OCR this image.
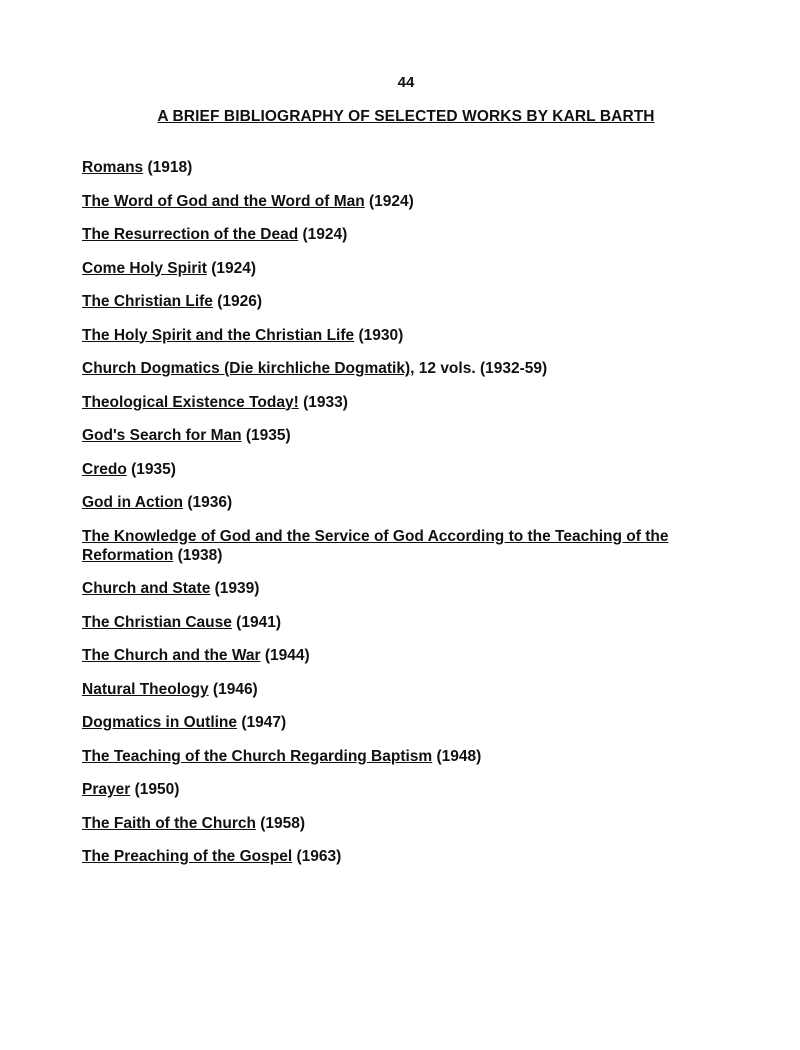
44
A BRIEF BIBLIOGRAPHY OF SELECTED WORKS BY KARL BARTH
Romans (1918)
The Word of God and the Word of Man (1924)
The Resurrection of the Dead (1924)
Come Holy Spirit (1924)
The Christian Life (1926)
The Holy Spirit and the Christian Life (1930)
Church Dogmatics (Die kirchliche Dogmatik), 12 vols. (1932-59)
Theological Existence Today! (1933)
God's Search for Man (1935)
Credo (1935)
God in Action (1936)
The Knowledge of God and the Service of God According to the Teaching of the Reformation (1938)
Church and State (1939)
The Christian Cause (1941)
The Church and the War (1944)
Natural Theology (1946)
Dogmatics in Outline (1947)
The Teaching of the Church Regarding Baptism (1948)
Prayer (1950)
The Faith of the Church (1958)
The Preaching of the Gospel (1963)
